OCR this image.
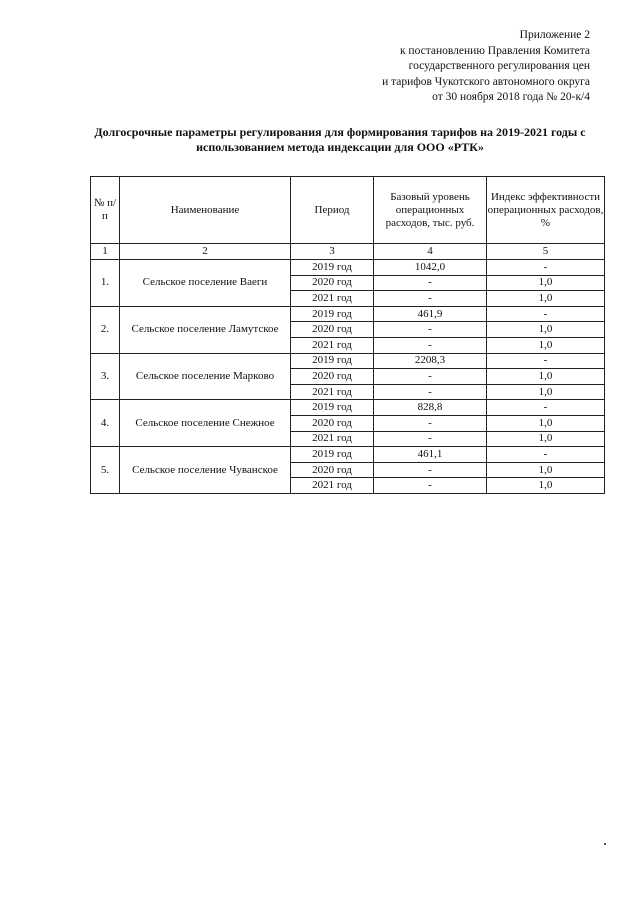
Приложение 2
к постановлению Правления Комитета
государственного регулирования цен
и тарифов Чукотского автономного округа
от 30 ноября 2018 года № 20-к/4
Долгосрочные параметры регулирования для формирования тарифов на 2019-2021 годы с
использованием метода индексации для ООО «РТК»
№ п/п	Наименование	Период	Базовый уровень операционных расходов, тыс. руб.	Индекс эффективности операционных расходов, %
1	2	3	4	5
1.	Сельское поселение Ваеги	2019 год	1042,0	-
		2020 год	-	1,0
		2021 год	-	1,0
2.	Сельское поселение Ламутское	2019 год	461,9	-
		2020 год	-	1,0
		2021 год	-	1,0
3.	Сельское поселение Марково	2019 год	2208,3	-
		2020 год	-	1,0
		2021 год	-	1,0
4.	Сельское поселение Снежное	2019 год	828,8	-
		2020 год	-	1,0
		2021 год	-	1,0
5.	Сельское поселение Чуванское	2019 год	461,1	-
		2020 год	-	1,0
		2021 год	-	1,0
